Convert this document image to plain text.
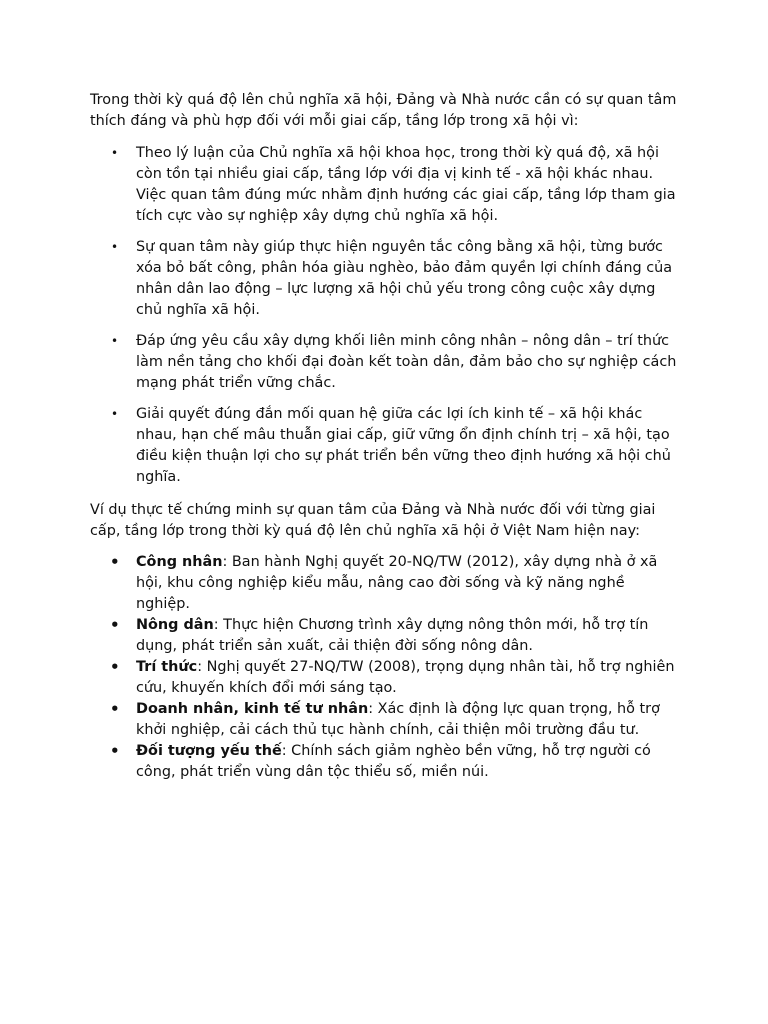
Trong thời kỳ quá độ lên chủ nghĩa xã hội, Đảng và Nhà nước cần có sự quan tâm thích đáng và phù hợp đối với mỗi giai cấp, tầng lớp trong xã hội vì:

• Theo lý luận của Chủ nghĩa xã hội khoa học, trong thời kỳ quá độ, xã hội còn tồn tại nhiều giai cấp, tầng lớp với địa vị kinh tế - xã hội khác nhau. Việc quan tâm đúng mức nhằm định hướng các giai cấp, tầng lớp tham gia tích cực vào sự nghiệp xây dựng chủ nghĩa xã hội.
• Sự quan tâm này giúp thực hiện nguyên tắc công bằng xã hội, từng bước xóa bỏ bất công, phân hóa giàu nghèo, bảo đảm quyền lợi chính đáng của nhân dân lao động – lực lượng xã hội chủ yếu trong công cuộc xây dựng chủ nghĩa xã hội.
• Đáp ứng yêu cầu xây dựng khối liên minh công nhân – nông dân – trí thức làm nền tảng cho khối đại đoàn kết toàn dân, đảm bảo cho sự nghiệp cách mạng phát triển vững chắc.
• Giải quyết đúng đắn mối quan hệ giữa các lợi ích kinh tế – xã hội khác nhau, hạn chế mâu thuẫn giai cấp, giữ vững ổn định chính trị – xã hội, tạo điều kiện thuận lợi cho sự phát triển bền vững theo định hướng xã hội chủ nghĩa.

Ví dụ thực tế chứng minh sự quan tâm của Đảng và Nhà nước đối với từng giai cấp, tầng lớp trong thời kỳ quá độ lên chủ nghĩa xã hội ở Việt Nam hiện nay:

• Công nhân: Ban hành Nghị quyết 20-NQ/TW (2012), xây dựng nhà ở xã hội, khu công nghiệp kiểu mẫu, nâng cao đời sống và kỹ năng nghề nghiệp.
• Nông dân: Thực hiện Chương trình xây dựng nông thôn mới, hỗ trợ tín dụng, phát triển sản xuất, cải thiện đời sống nông dân.
• Trí thức: Nghị quyết 27-NQ/TW (2008), trọng dụng nhân tài, hỗ trợ nghiên cứu, khuyến khích đổi mới sáng tạo.
• Doanh nhân, kinh tế tư nhân: Xác định là động lực quan trọng, hỗ trợ khởi nghiệp, cải cách thủ tục hành chính, cải thiện môi trường đầu tư.
• Đối tượng yếu thế: Chính sách giảm nghèo bền vững, hỗ trợ người có công, phát triển vùng dân tộc thiểu số, miền núi.
